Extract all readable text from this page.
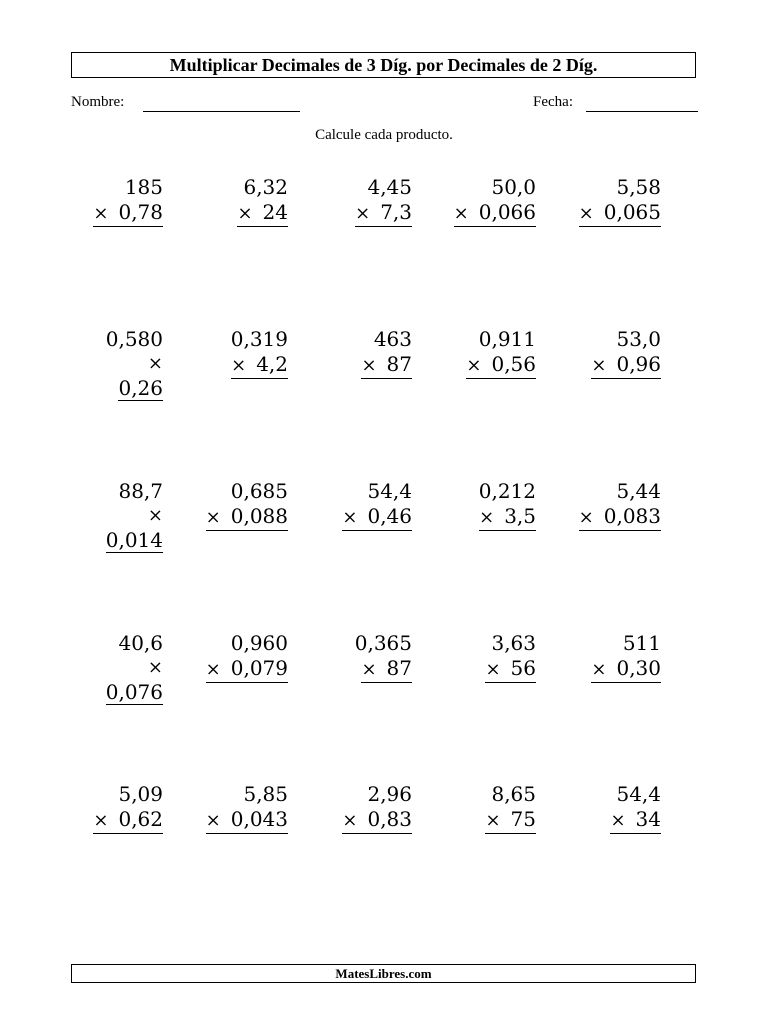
Multiplicar Decimales de 3 Díg. por Decimales de 2 Díg.
Nombre:	Fecha:
Calcule cada producto.
185
× 0,78
6,32
× 24
4,45
× 7,3
50,0
× 0,066
5,58
× 0,065
0,580
×
0,26
0,319
× 4,2
463
× 87
0,911
× 0,56
53,0
× 0,96
88,7
×
0,014
0,685
× 0,088
54,4
× 0,46
0,212
× 3,5
5,44
× 0,083
40,6
×
0,076
0,960
× 0,079
0,365
× 87
3,63
× 56
511
× 0,30
5,09
× 0,62
5,85
× 0,043
2,96
× 0,83
8,65
× 75
54,4
× 34
MatesLibres.com
